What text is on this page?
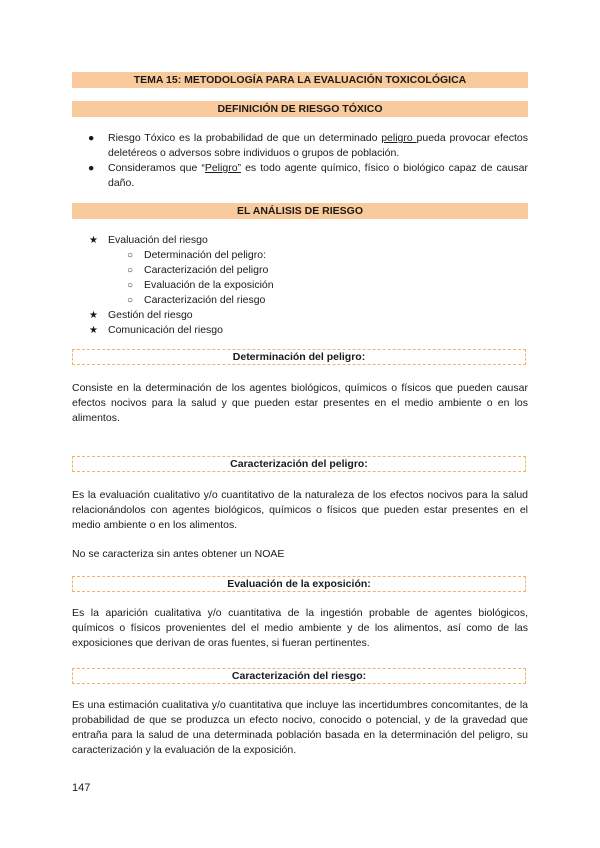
TEMA 15: METODOLOGÍA PARA LA EVALUACIÓN TOXICOLÓGICA
DEFINICIÓN DE RIESGO TÓXICO
● Riesgo Tóxico es la probabilidad de que un determinado peligro pueda provocar efectos deletéreos o adversos sobre individuos o grupos de población.
● Consideramos que “Peligro” es todo agente químico, físico o biológico capaz de causar daño.
EL ANÁLISIS DE RIESGO
★ Evaluación del riesgo
○ Determinación del peligro:
○ Caracterización del peligro
○ Evaluación de la exposición
○ Caracterización del riesgo
★ Gestión del riesgo
★ Comunicación del riesgo
Determinación del peligro:
Consiste en la determinación de los agentes biológicos, químicos o físicos que pueden causar efectos nocivos para la salud y que pueden estar presentes en el medio ambiente o en los alimentos.
Caracterización del peligro:
Es la evaluación cualitativo y/o cuantitativo de la naturaleza de los efectos nocivos para la salud relacionándolos con agentes biológicos, químicos o físicos que pueden estar presentes en el medio ambiente o en los alimentos.
No se caracteriza sin antes obtener un NOAE
Evaluación de la exposición:
Es la aparición cualitativa y/o cuantitativa de la ingestión probable de agentes biológicos, químicos o físicos provenientes del el medio ambiente y de los alimentos, así como de las exposiciones que derivan de oras fuentes, si fueran pertinentes.
Caracterización del riesgo:
Es una estimación cualitativa y/o cuantitativa que incluye las incertidumbres concomitantes, de la probabilidad de que se produzca un efecto nocivo, conocido o potencial, y de la gravedad que entraña para la salud de una determinada población basada en la determinación del peligro, su caracterización y la evaluación de la exposición.
147
